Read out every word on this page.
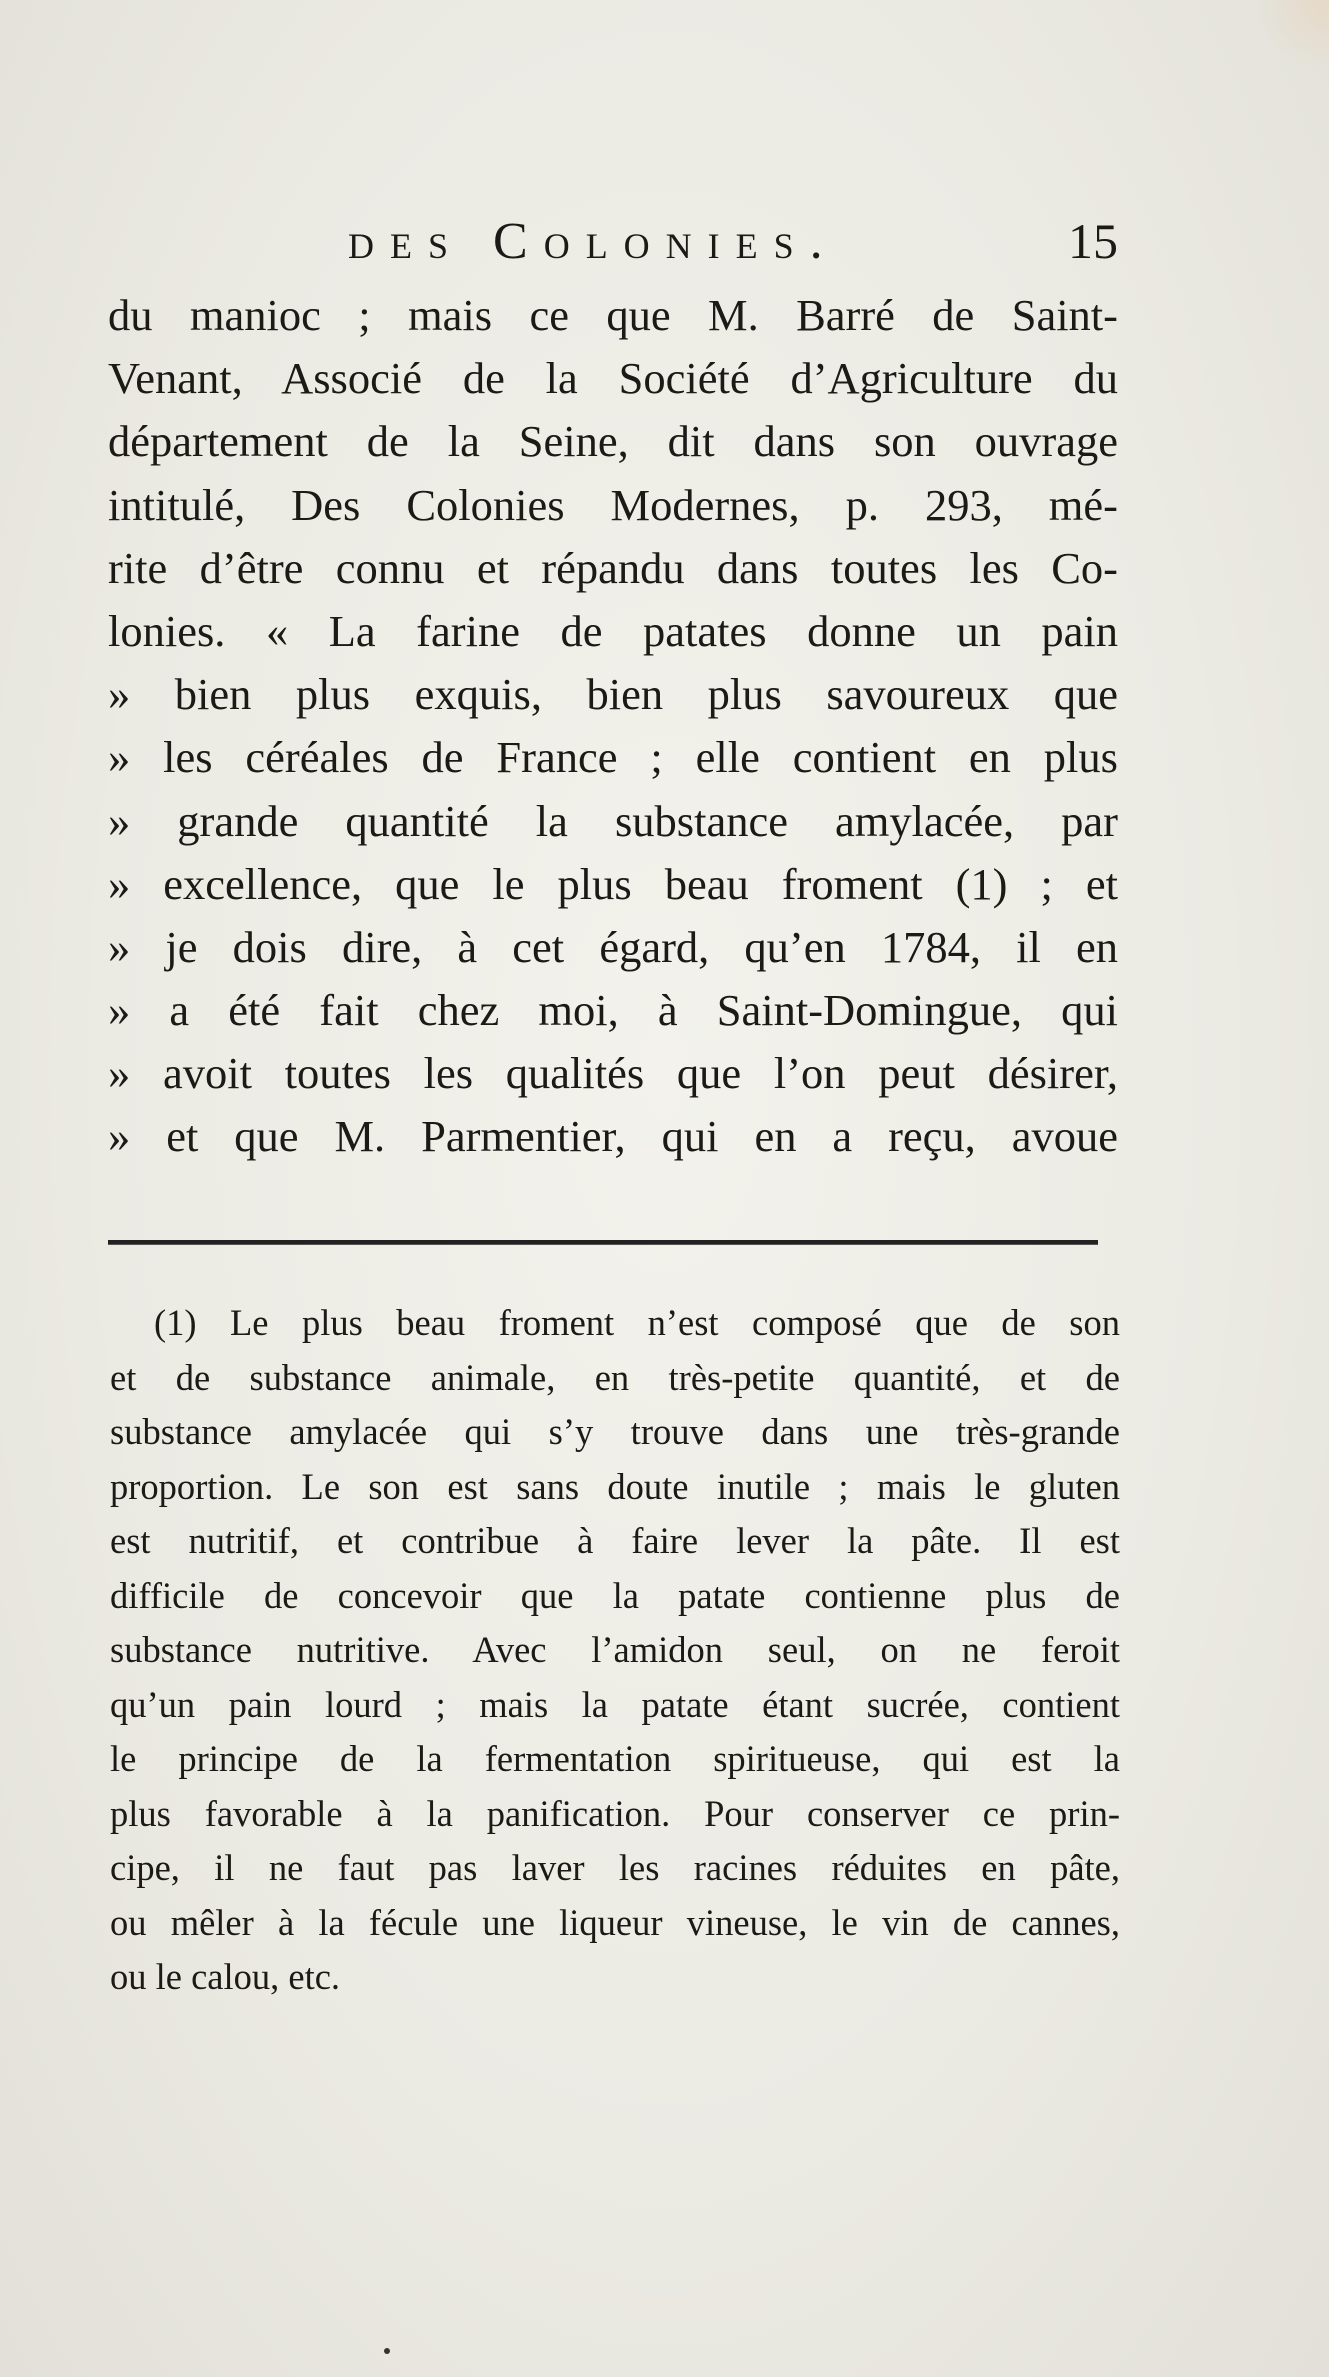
des Colonies.	15
du manioc ; mais ce que M. Barré de Saint-
Venant, Associé de la Société d’Agriculture du
département de la Seine, dit dans son ouvrage
intitulé, Des Colonies Modernes, p. 293, mé-
rite d’être connu et répandu dans toutes les Co-
lonies. « La farine de patates donne un pain
» bien plus exquis, bien plus savoureux que
» les céréales de France ; elle contient en plus
» grande quantité la substance amylacée, par
» excellence, que le plus beau froment (1) ; et
» je dois dire, à cet égard, qu’en 1784, il en
» a été fait chez moi, à Saint-Domingue, qui
» avoit toutes les qualités que l’on peut désirer,
» et que M. Parmentier, qui en a reçu, avoue
(1) Le plus beau froment n’est composé que de son
et de substance animale, en très-petite quantité, et de
substance amylacée qui s’y trouve dans une très-grande
proportion. Le son est sans doute inutile ; mais le gluten
est nutritif, et contribue à faire lever la pâte. Il est
difficile de concevoir que la patate contienne plus de
substance nutritive. Avec l’amidon seul, on ne feroit
qu’un pain lourd ; mais la patate étant sucrée, contient
le principe de la fermentation spiritueuse, qui est la
plus favorable à la panification. Pour conserver ce prin-
cipe, il ne faut pas laver les racines réduites en pâte,
ou mêler à la fécule une liqueur vineuse, le vin de cannes,
ou le calou, etc.
